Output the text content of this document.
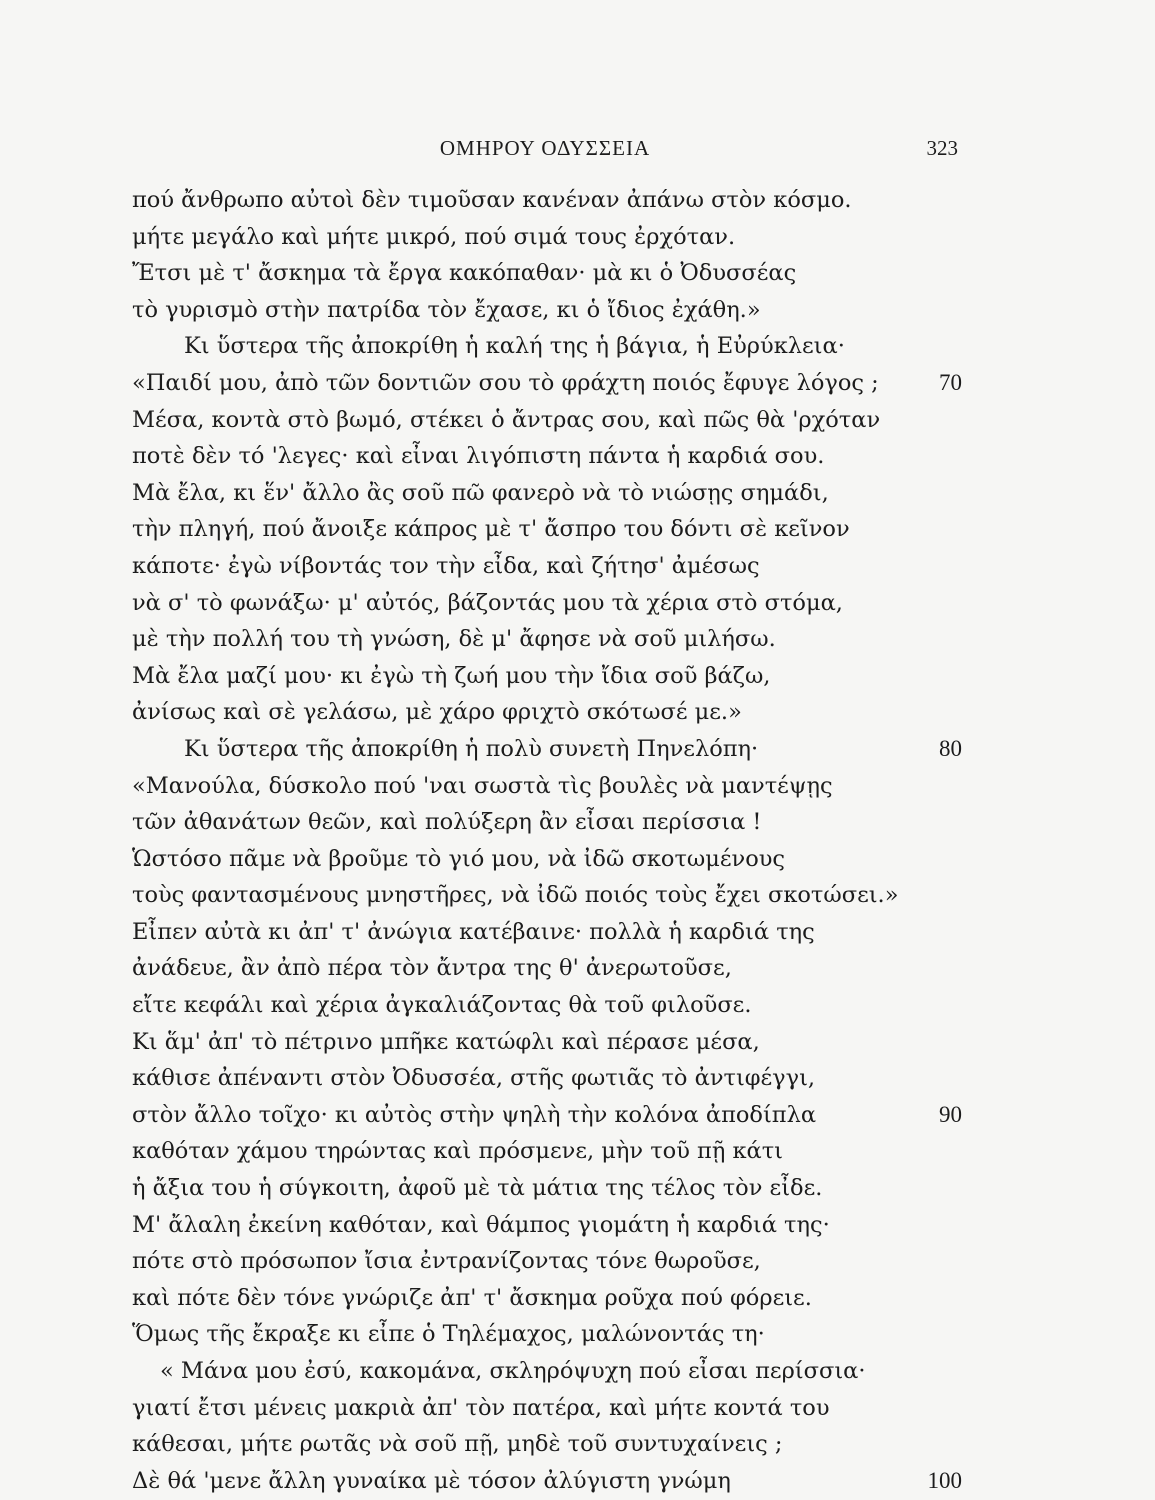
ΟΜΗΡΟΥ ΟΔΥΣΣΕΙΑ	323
πού ἄνθρωπο αὐτοὶ δὲν τιμοῦσαν κανέναν ἀπάνω στὸν κόσμο.
μήτε μεγάλο καὶ μήτε μικρό, πού σιμά τους ἐρχόταν.
Ἔτσι μὲ τ' ἄσκημα τὰ ἔργα κακόπαθαν· μὰ κι ὁ Ὀδυσσέας
τὸ γυρισμὸ στὴν πατρίδα τὸν ἔχασε, κι ὁ ἴδιος ἐχάθη.»
Κι ὕστερα τῆς ἀποκρίθη ἡ καλή της ἡ βάγια, ἡ Εὐρύκλεια·
«Παιδί μου, ἀπὸ τῶν δοντιῶν σου τὸ φράχτη ποιός ἔφυγε λόγος ;	70
Μέσα, κοντὰ στὸ βωμό, στέκει ὁ ἄντρας σου, καὶ πῶς θὰ 'ρχόταν
ποτὲ δὲν τό 'λεγες· καὶ εἶναι λιγόπιστη πάντα ἡ καρδιά σου.
Μὰ ἔλα, κι ἕν' ἄλλο ἂς σοῦ πῶ φανερὸ νὰ τὸ νιώσῃς σημάδι,
τὴν πληγή, πού ἄνοιξε κάπρος μὲ τ' ἄσπρο του δόντι σὲ κεῖνον
κάποτε· ἐγὼ νίβοντάς τον τὴν εἶδα, καὶ ζήτησ' ἀμέσως
νὰ σ' τὸ φωνάξω· μ' αὐτός, βάζοντάς μου τὰ χέρια στὸ στόμα,
μὲ τὴν πολλή του τὴ γνώση, δὲ μ' ἄφησε νὰ σοῦ μιλήσω.
Μὰ ἔλα μαζί μου· κι ἐγὼ τὴ ζωή μου τὴν ἴδια σοῦ βάζω,
ἀνίσως καὶ σὲ γελάσω, μὲ χάρο φριχτὸ σκότωσέ με.»
Κι ὕστερα τῆς ἀποκρίθη ἡ πολὺ συνετὴ Πηνελόπη·	80
«Μανούλα, δύσκολο πού 'ναι σωστὰ τὶς βουλὲς νὰ μαντέψῃς
τῶν ἀθανάτων θεῶν, καὶ πολύξερη ἂν εἶσαι περίσσια !
Ὡστόσο πᾶμε νὰ βροῦμε τὸ γιό μου, νὰ ἰδῶ σκοτωμένους
τοὺς φαντασμένους μνηστῆρες, νὰ ἰδῶ ποιός τοὺς ἔχει σκοτώσει.»
Εἶπεν αὐτὰ κι ἀπ' τ' ἀνώγια κατέβαινε· πολλὰ ἡ καρδιά της
ἀνάδευε, ἂν ἀπὸ πέρα τὸν ἄντρα της θ' ἀνερωτοῦσε,
εἴτε κεφάλι καὶ χέρια ἀγκαλιάζοντας θὰ τοῦ φιλοῦσε.
Κι ἅμ' ἀπ' τὸ πέτρινο μπῆκε κατώφλι καὶ πέρασε μέσα,
κάθισε ἀπέναντι στὸν Ὀδυσσέα, στῆς φωτιᾶς τὸ ἀντιφέγγι,
στὸν ἄλλο τοῖχο· κι αὐτὸς στὴν ψηλὴ τὴν κολόνα ἀποδίπλα	90
καθόταν χάμου τηρώντας καὶ πρόσμενε, μὴν τοῦ πῇ κάτι
ἡ ἄξια του ἡ σύγκοιτη, ἀφοῦ μὲ τὰ μάτια της τέλος τὸν εἶδε.
Μ' ἄλαλη ἐκείνη καθόταν, καὶ θάμπος γιομάτη ἡ καρδιά της·
πότε στὸ πρόσωπον ἴσια ἐντρανίζοντας τόνε θωροῦσε,
καὶ πότε δὲν τόνε γνώριζε ἀπ' τ' ἄσκημα ροῦχα πού φόρειε.
Ὅμως τῆς ἔκραξε κι εἶπε ὁ Τηλέμαχος, μαλώνοντάς τη·
« Μάνα μου ἐσύ, κακομάνα, σκληρόψυχη πού εἶσαι περίσσια·
γιατί ἔτσι μένεις μακριὰ ἀπ' τὸν πατέρα, καὶ μήτε κοντά του
κάθεσαι, μήτε ρωτᾶς νὰ σοῦ πῇ, μηδὲ τοῦ συντυχαίνεις ;
Δὲ θά 'μενε ἄλλη γυναίκα μὲ τόσον ἀλύγιστη γνώμη	100
